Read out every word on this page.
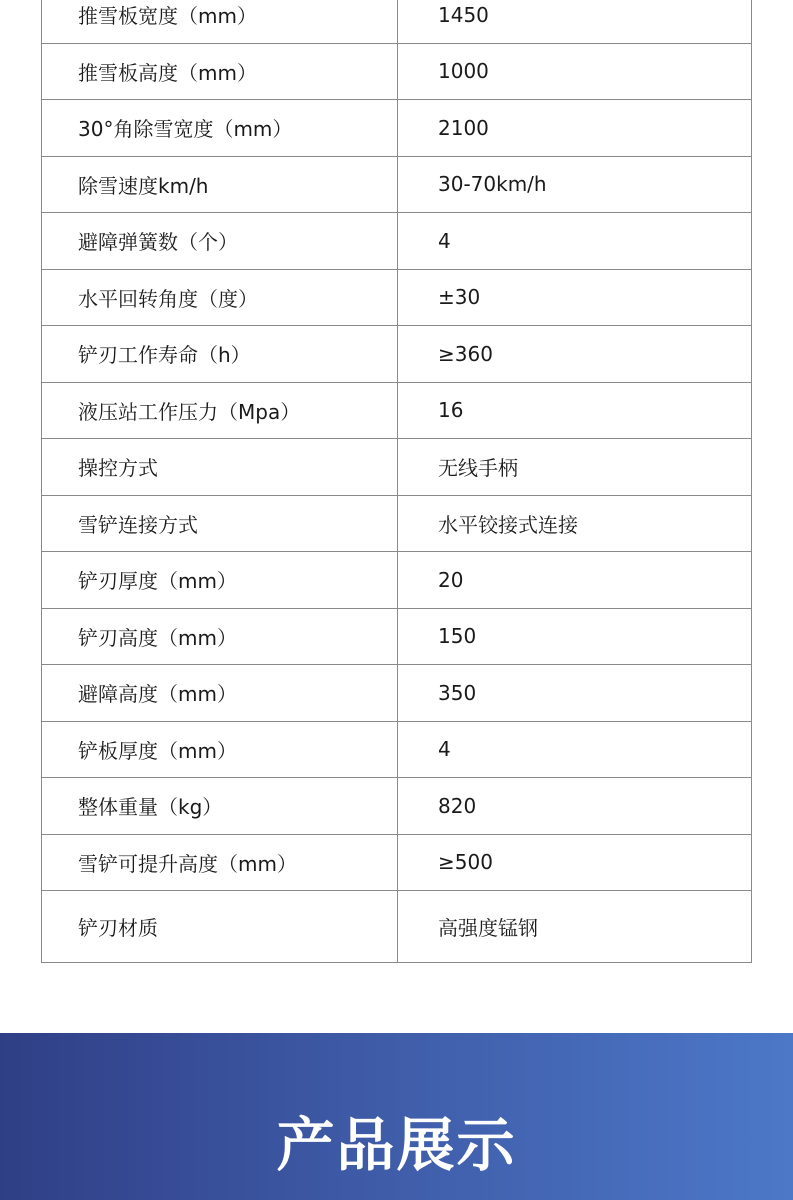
推雪板宽度（mm）	1450
推雪板高度（mm）	1000
30°角除雪宽度（mm）	2100
除雪速度km/h	30-70km/h
避障弹簧数（个）	4
水平回转角度（度）	±30
铲刃工作寿命（h）	≥360
液压站工作压力（Mpa）	16
操控方式	无线手柄
雪铲连接方式	水平铰接式连接
铲刃厚度（mm）	20
铲刃高度（mm）	150
避障高度（mm）	350
铲板厚度（mm）	4
整体重量（kg）	820
雪铲可提升高度（mm）	≥500
铲刃材质	高强度锰钢
产品展示
